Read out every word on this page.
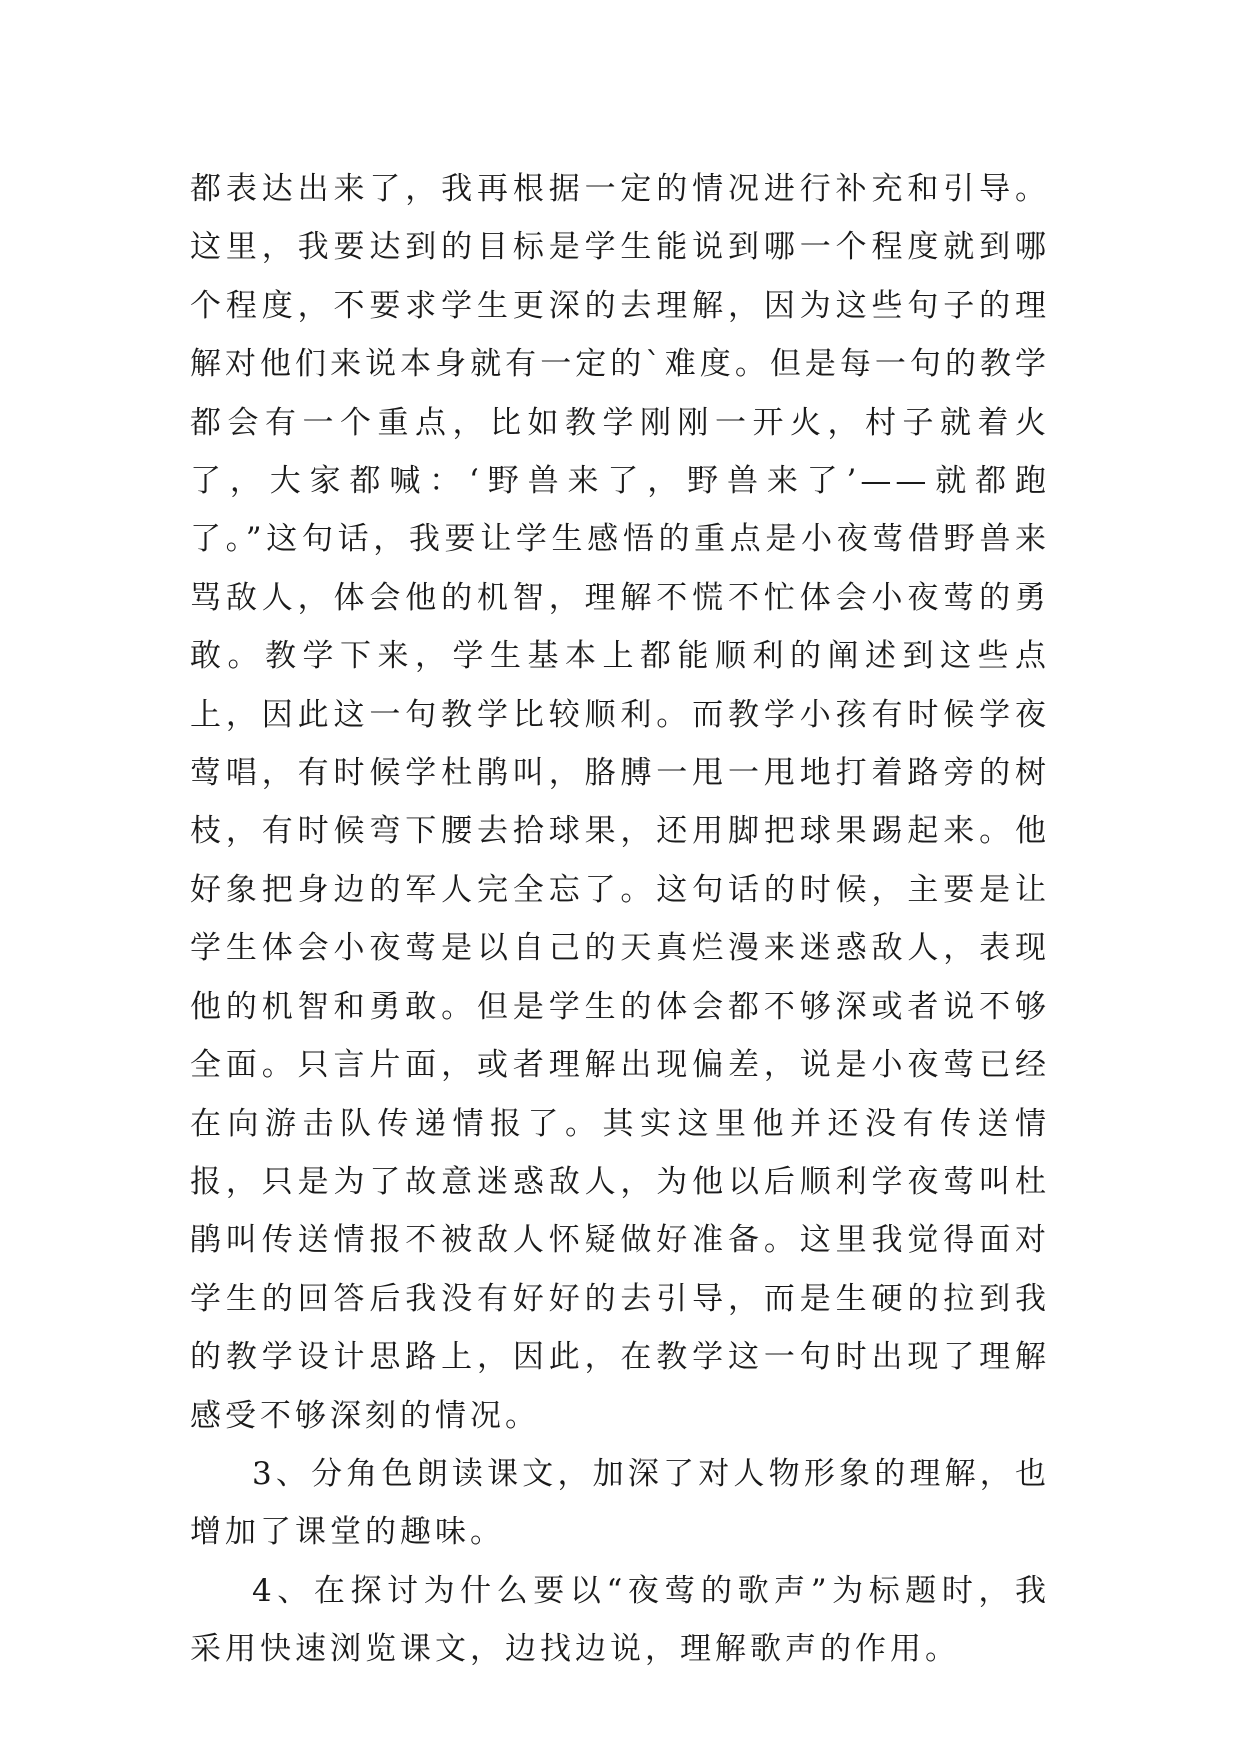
都表达出来了，我再根据一定的情况进行补充和引导。这里，我要达到的目标是学生能说到哪一个程度就到哪个程度，不要求学生更深的去理解，因为这些句子的理解对他们来说本身就有一定的`难度。但是每一句的教学都会有一个重点，比如教学刚刚一开火，村子就着火了，大家都喊：‘野兽来了，野兽来了’——就都跑了。”这句话，我要让学生感悟的重点是小夜莺借野兽来骂敌人，体会他的机智，理解不慌不忙体会小夜莺的勇敢。教学下来，学生基本上都能顺利的阐述到这些点上，因此这一句教学比较顺利。而教学小孩有时候学夜莺唱，有时候学杜鹃叫，胳膊一甩一甩地打着路旁的树枝，有时候弯下腰去拾球果，还用脚把球果踢起来。他好象把身边的军人完全忘了。这句话的时候，主要是让学生体会小夜莺是以自己的天真烂漫来迷惑敌人，表现他的机智和勇敢。但是学生的体会都不够深或者说不够全面。只言片面，或者理解出现偏差，说是小夜莺已经在向游击队传递情报了。其实这里他并还没有传送情报，只是为了故意迷惑敌人，为他以后顺利学夜莺叫杜鹃叫传送情报不被敌人怀疑做好准备。这里我觉得面对学生的回答后我没有好好的去引导，而是生硬的拉到我的教学设计思路上，因此，在教学这一句时出现了理解感受不够深刻的情况。

3、分角色朗读课文，加深了对人物形象的理解，也增加了课堂的趣味。

4、在探讨为什么要以“夜莺的歌声”为标题时，我采用快速浏览课文，边找边说，理解歌声的作用。
